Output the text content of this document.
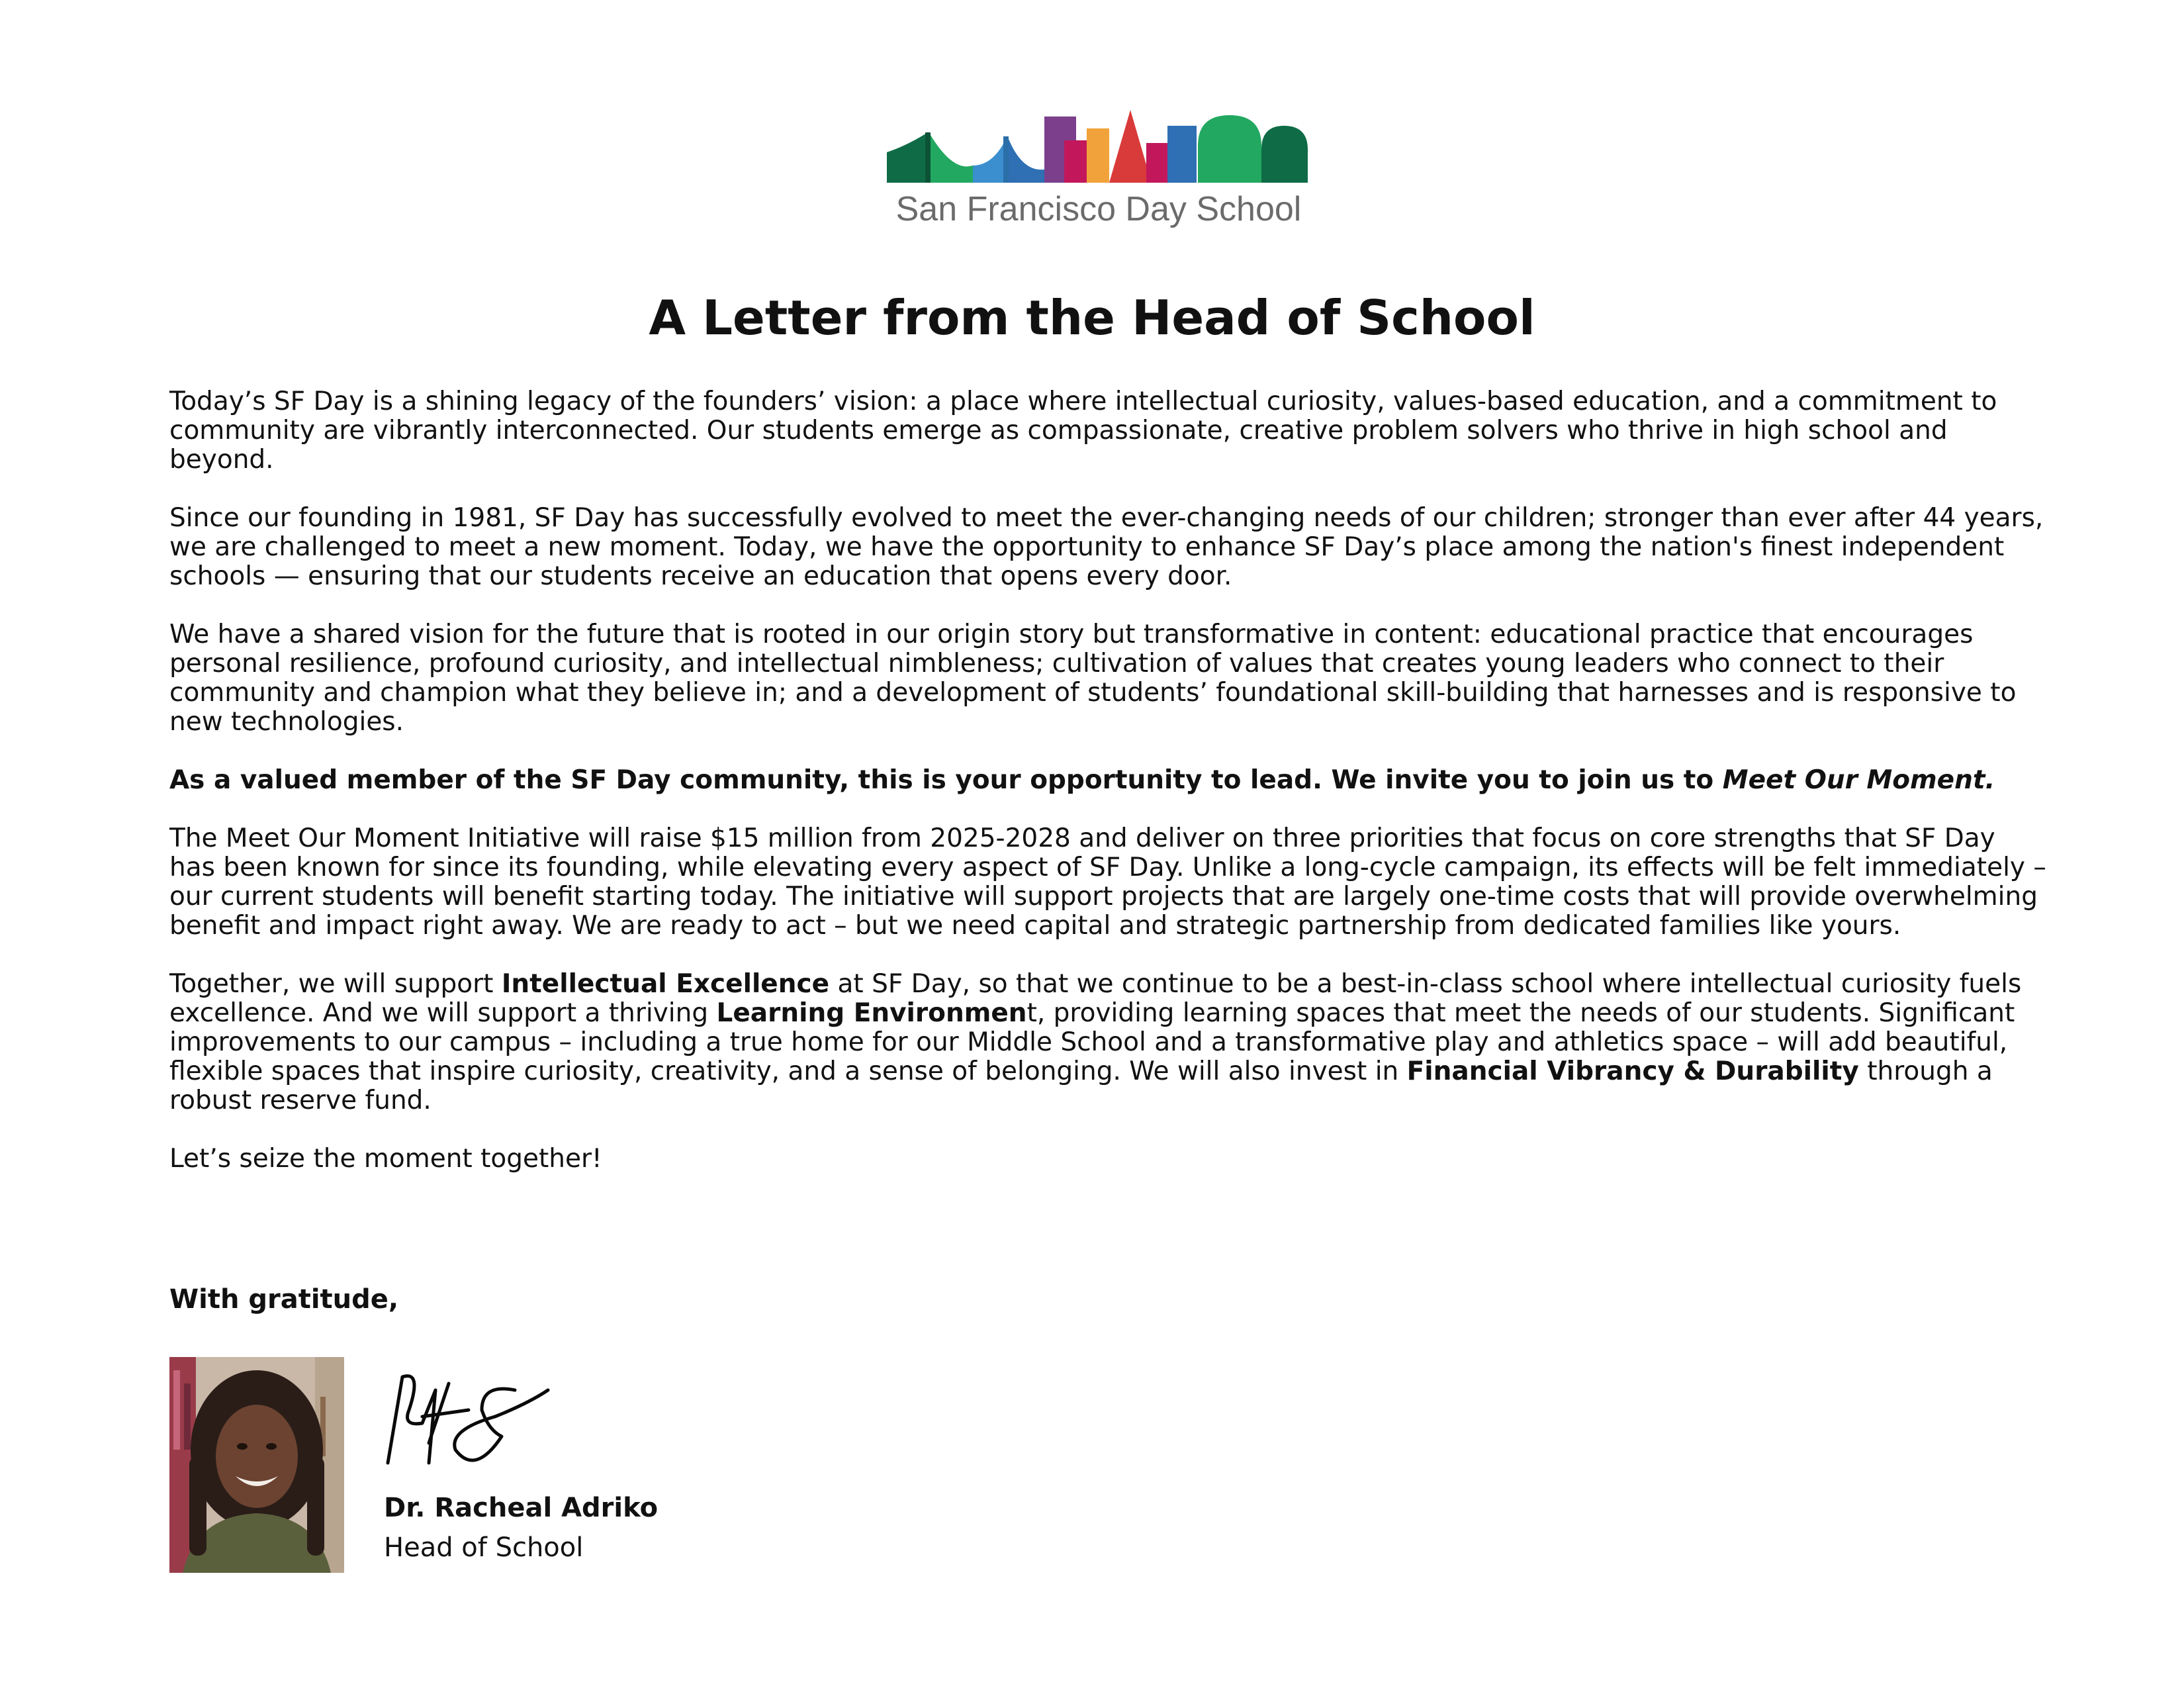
San Francisco Day School
A Letter from the Head of School

Today’s SF Day is a shining legacy of the founders’ vision: a place where intellectual curiosity, values-based education, and a commitment to community are vibrantly interconnected. Our students emerge as compassionate, creative problem solvers who thrive in high school and beyond.

Since our founding in 1981, SF Day has successfully evolved to meet the ever-changing needs of our children; stronger than ever after 44 years, we are challenged to meet a new moment. Today, we have the opportunity to enhance SF Day’s place among the nation's finest independent schools — ensuring that our students receive an education that opens every door.

We have a shared vision for the future that is rooted in our origin story but transformative in content: educational practice that encourages personal resilience, profound curiosity, and intellectual nimbleness; cultivation of values that creates young leaders who connect to their community and champion what they believe in; and a development of students’ foundational skill-building that harnesses and is responsive to new technologies.

As a valued member of the SF Day community, this is your opportunity to lead. We invite you to join us to Meet Our Moment.

The Meet Our Moment Initiative will raise $15 million from 2025-2028 and deliver on three priorities that focus on core strengths that SF Day has been known for since its founding, while elevating every aspect of SF Day. Unlike a long-cycle campaign, its effects will be felt immediately – our current students will benefit starting today. The initiative will support projects that are largely one-time costs that will provide overwhelming benefit and impact right away. We are ready to act – but we need capital and strategic partnership from dedicated families like yours.

Together, we will support Intellectual Excellence at SF Day, so that we continue to be a best-in-class school where intellectual curiosity fuels excellence. And we will support a thriving Learning Environment, providing learning spaces that meet the needs of our students. Significant improvements to our campus – including a true home for our Middle School and a transformative play and athletics space – will add beautiful, flexible spaces that inspire curiosity, creativity, and a sense of belonging. We will also invest in Financial Vibrancy & Durability through a robust reserve fund.

Let’s seize the moment together!

With gratitude,
Dr. Racheal Adriko
Head of School
